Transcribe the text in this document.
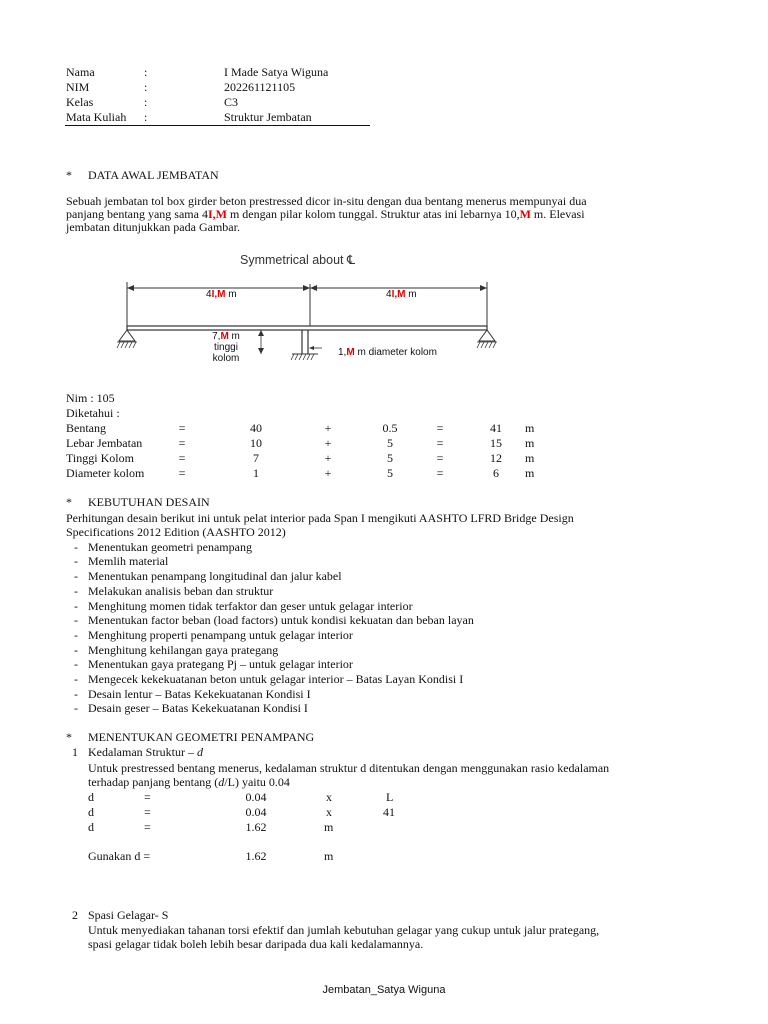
Nama	:	I Made Satya Wiguna
NIM	:	202261121105
Kelas	:	C3
Mata Kuliah :	Struktur Jembatan
* DATA AWAL JEMBATAN
Sebuah jembatan tol box girder beton prestressed dicor in-situ dengan dua bentang menerus mempunyai dua
panjang bentang yang sama 4I,M m dengan pilar kolom tunggal. Struktur atas ini lebarnya 10,M m. Elevasi
jembatan ditunjukkan pada Gambar.
Symmetrical about ℄
4I,M m	4I,M m
7,M m
tinggi
kolom
1,M m diameter kolom
Nim : 105
Diketahui :
Bentang	=	40	+	0.5	=	41	m
Lebar Jembatan	=	10	+	5	=	15	m
Tinggi Kolom	=	7	+	5	=	12	m
Diameter kolom	=	1	+	5	=	6	m
* KEBUTUHAN DESAIN
Perhitungan desain berikut ini untuk pelat interior pada Span I mengikuti AASHTO LFRD Bridge Design
Specifications 2012 Edition (AASHTO 2012)
- Menentukan geometri penampang
- Memlih material
- Menentukan penampang longitudinal dan jalur kabel
- Melakukan analisis beban dan struktur
- Menghitung momen tidak terfaktor dan geser untuk gelagar interior
- Menentukan factor beban (load factors) untuk kondisi kekuatan dan beban layan
- Menghitung properti penampang untuk gelagar interior
- Menghitung kehilangan gaya prategang
- Menentukan gaya prategang Pj – untuk gelagar interior
- Mengecek kekekuatanan beton untuk gelagar interior – Batas Layan Kondisi I
- Desain lentur – Batas Kekekuatanan Kondisi I
- Desain geser – Batas Kekekuatanan Kondisi I
* MENENTUKAN GEOMETRI PENAMPANG
1 Kedalaman Struktur – d
Untuk prestressed bentang menerus, kedalaman struktur d ditentukan dengan menggunakan rasio kedalaman
terhadap panjang bentang (d/L) yaitu 0.04
d	=	0.04	x	L
d	=	0.04	x	41
d	=	1.62	m
Gunakan d =	1.62	m
2 Spasi Gelagar- S
Untuk menyediakan tahanan torsi efektif dan jumlah kebutuhan gelagar yang cukup untuk jalur prategang,
spasi gelagar tidak boleh lebih besar daripada dua kali kedalamannya.
Jembatan_Satya Wiguna
